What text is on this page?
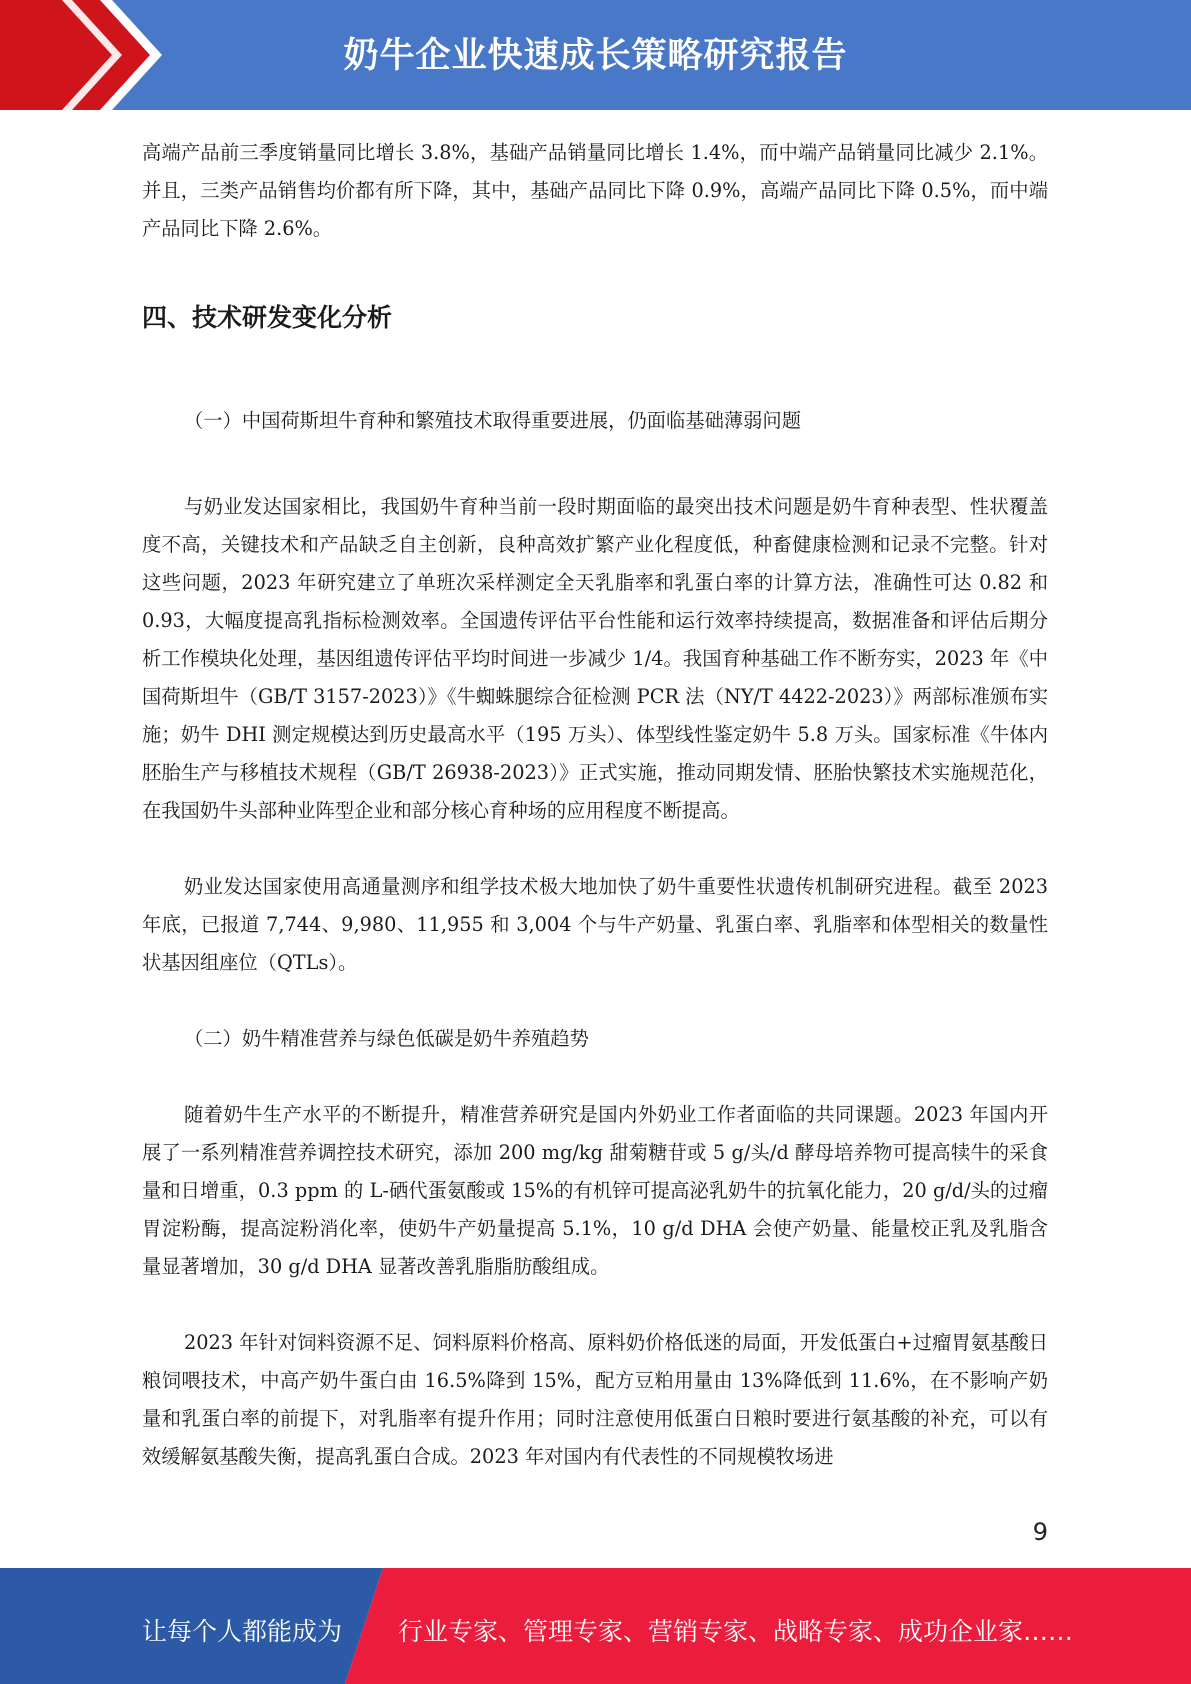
奶牛企业快速成长策略研究报告

高端产品前三季度销量同比增长 3.8%，基础产品销量同比增长 1.4%，而中端产品销量同比减少 2.1%。并且，三类产品销售均价都有所下降，其中，基础产品同比下降 0.9%，高端产品同比下降 0.5%，而中端产品同比下降 2.6%。

四、技术研发变化分析

（一）中国荷斯坦牛育种和繁殖技术取得重要进展，仍面临基础薄弱问题

与奶业发达国家相比，我国奶牛育种当前一段时期面临的最突出技术问题是奶牛育种表型、性状覆盖度不高，关键技术和产品缺乏自主创新，良种高效扩繁产业化程度低，种畜健康检测和记录不完整。针对这些问题，2023 年研究建立了单班次采样测定全天乳脂率和乳蛋白率的计算方法，准确性可达 0.82 和 0.93，大幅度提高乳指标检测效率。全国遗传评估平台性能和运行效率持续提高，数据准备和评估后期分析工作模块化处理，基因组遗传评估平均时间进一步减少 1/4。我国育种基础工作不断夯实，2023 年《中国荷斯坦牛（GB/T 3157-2023）》《牛蜘蛛腿综合征检测 PCR 法（NY/T 4422-2023）》两部标准颁布实施；奶牛 DHI 测定规模达到历史最高水平（195 万头）、体型线性鉴定奶牛 5.8 万头。国家标准《牛体内胚胎生产与移植技术规程（GB/T 26938-2023）》正式实施，推动同期发情、胚胎快繁技术实施规范化，在我国奶牛头部种业阵型企业和部分核心育种场的应用程度不断提高。

奶业发达国家使用高通量测序和组学技术极大地加快了奶牛重要性状遗传机制研究进程。截至 2023 年底，已报道 7,744、9,980、11,955 和 3,004 个与牛产奶量、乳蛋白率、乳脂率和体型相关的数量性状基因组座位（QTLs）。

（二）奶牛精准营养与绿色低碳是奶牛养殖趋势

随着奶牛生产水平的不断提升，精准营养研究是国内外奶业工作者面临的共同课题。2023 年国内开展了一系列精准营养调控技术研究，添加 200 mg/kg 甜菊糖苷或 5 g/头/d 酵母培养物可提高犊牛的采食量和日增重，0.3 ppm 的 L-硒代蛋氨酸或 15%的有机锌可提高泌乳奶牛的抗氧化能力，20 g/d/头的过瘤胃淀粉酶，提高淀粉消化率，使奶牛产奶量提高 5.1%，10 g/d DHA 会使产奶量、能量校正乳及乳脂含量显著增加，30 g/d DHA 显著改善乳脂脂肪酸组成。

2023 年针对饲料资源不足、饲料原料价格高、原料奶价格低迷的局面，开发低蛋白+过瘤胃氨基酸日粮饲喂技术，中高产奶牛蛋白由 16.5%降到 15%，配方豆粕用量由 13%降低到 11.6%，在不影响产奶量和乳蛋白率的前提下，对乳脂率有提升作用；同时注意使用低蛋白日粮时要进行氨基酸的补充，可以有效缓解氨基酸失衡，提高乳蛋白合成。2023 年对国内有代表性的不同规模牧场进

9
让每个人都能成为 行业专家、管理专家、营销专家、战略专家、成功企业家……
